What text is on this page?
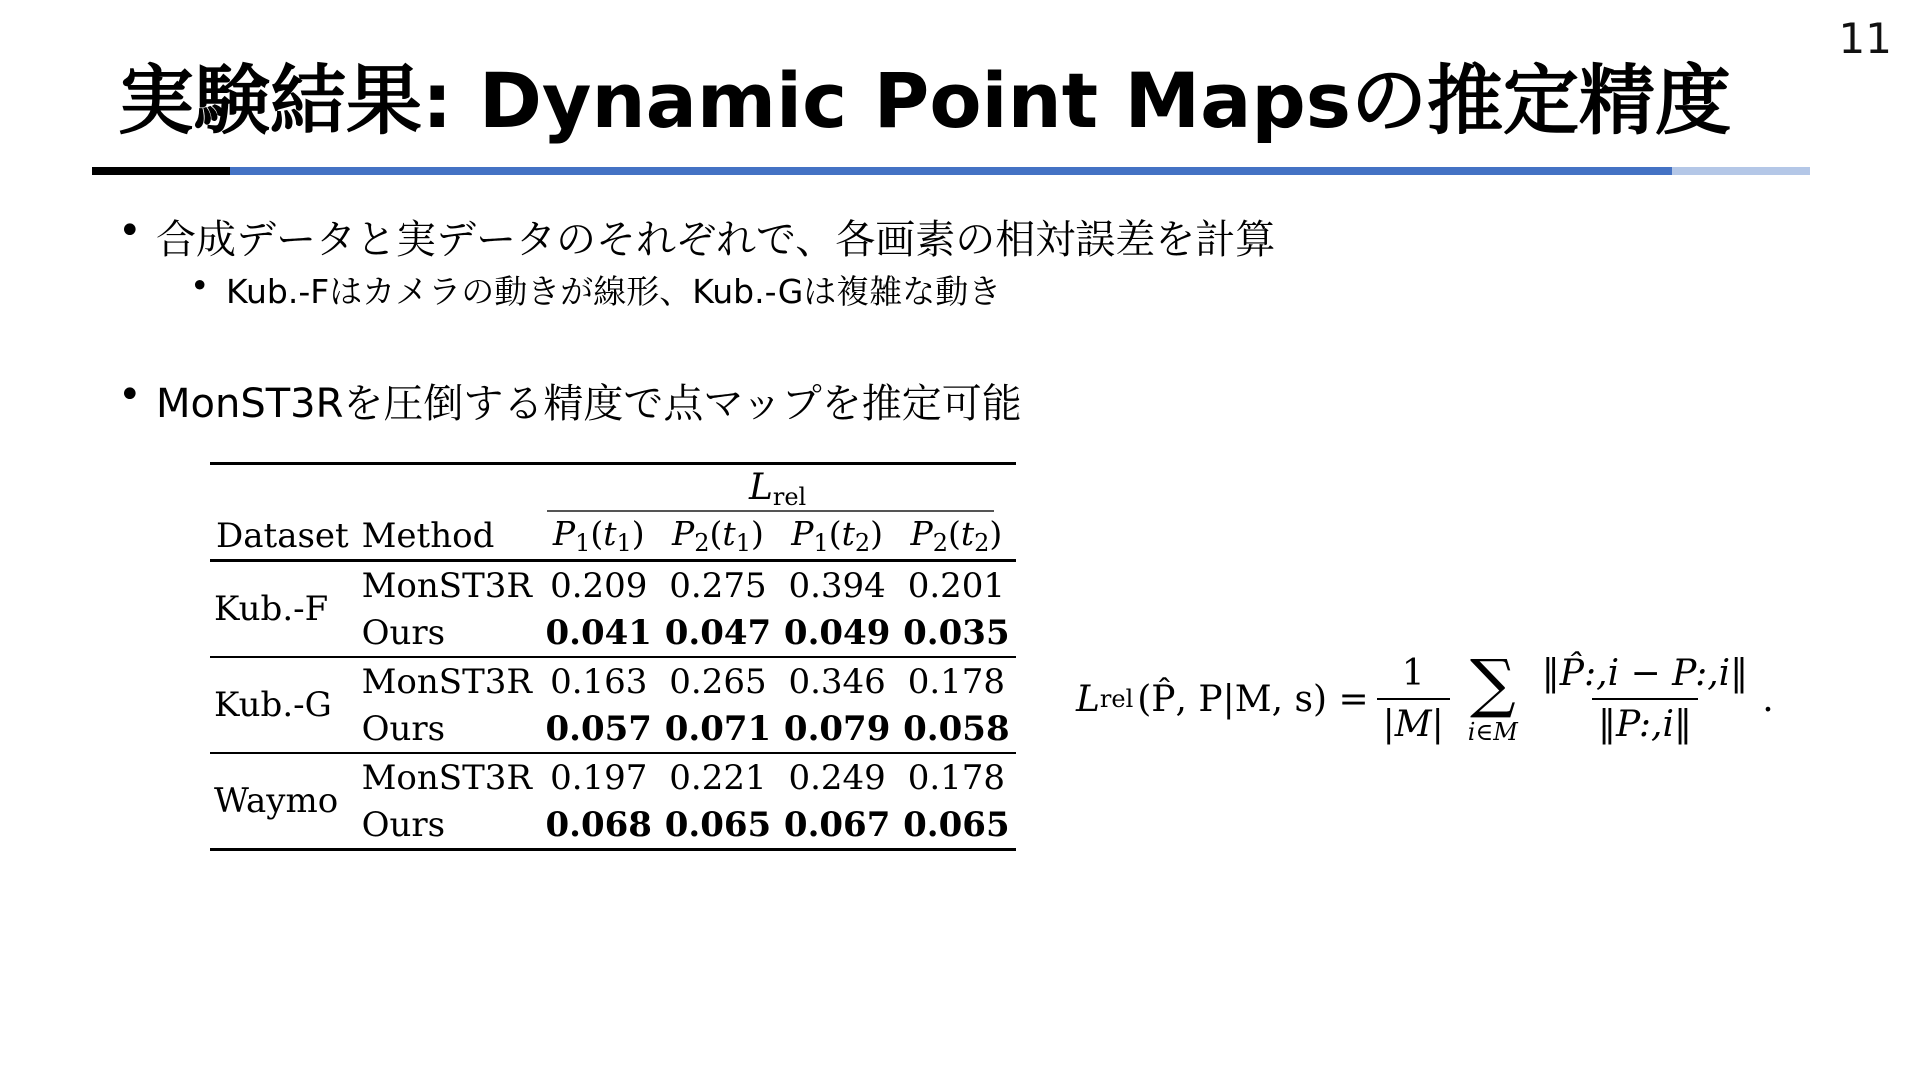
11
実験結果: Dynamic Point Mapsの推定精度
• 合成データと実データのそれぞれで、各画素の相対誤差を計算
• Kub.-Fはカメラの動きが線形、Kub.-Gは複雑な動き
• MonST3Rを圧倒する精度で点マップを推定可能
		$L_{rel}$

Dataset	Method	$P_1(t_1)$	$P_2(t_1)$	$P_1(t_2)$	$P_2(t_2)$
Kub.-F	MonST3R	0.209	0.275	0.394	0.201
	Ours	0.041	0.047	0.049	0.035
Kub.-G	MonST3R	0.163	0.265	0.346	0.178
	Ours	0.057	0.071	0.079	0.058
Waymo	MonST3R	0.197	0.221	0.249	0.178
	Ours	0.068	0.065	0.067	0.065
L rel (P̂, P|M, $s) = \frac{1}{|M|}$ ∑
i∈M $\frac{‖P̂:,i - P:,i‖}{‖P:,i‖}$ .
